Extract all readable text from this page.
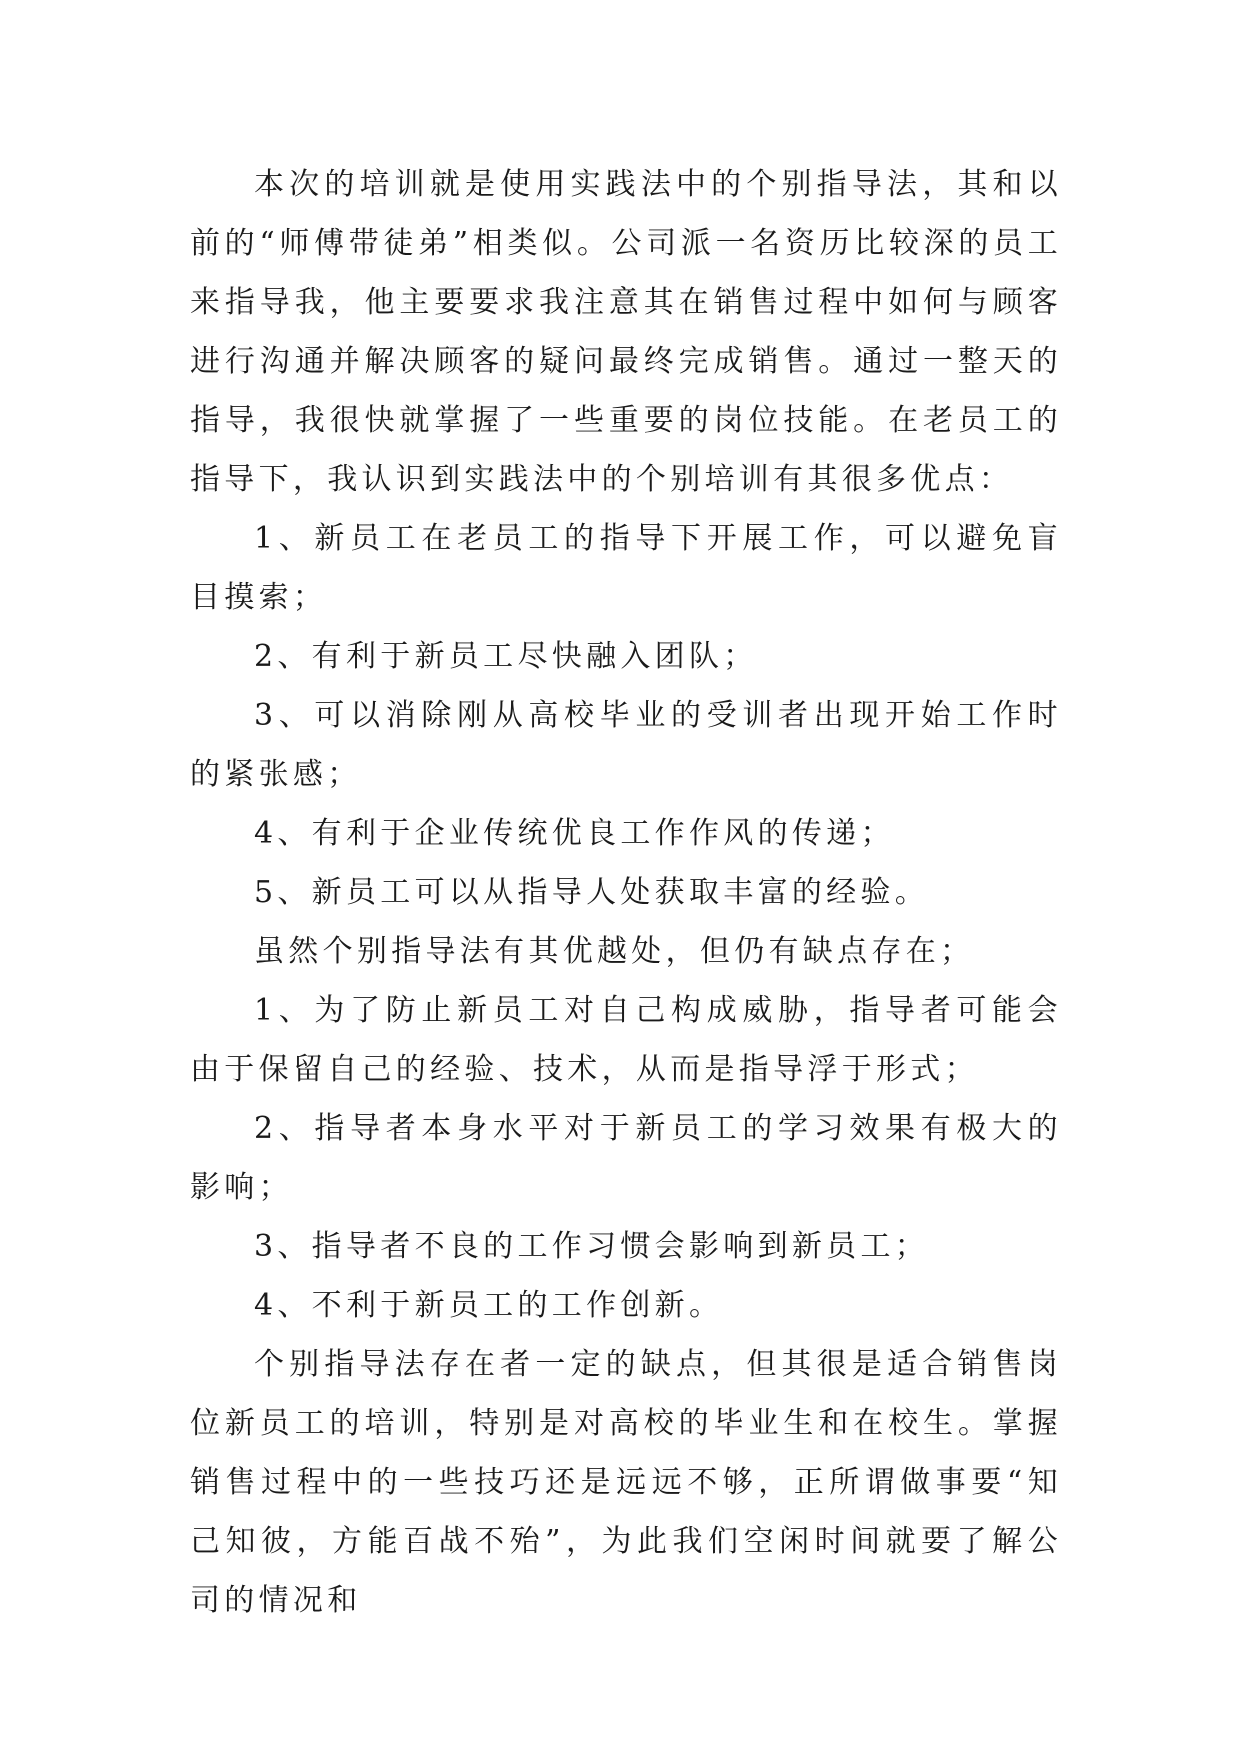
本次的培训就是使用实践法中的个别指导法，其和以前的“师傅带徒弟”相类似。公司派一名资历比较深的员工来指导我，他主要要求我注意其在销售过程中如何与顾客进行沟通并解决顾客的疑问最终完成销售。通过一整天的指导，我很快就掌握了一些重要的岗位技能。在老员工的指导下，我认识到实践法中的个别培训有其很多优点：

1、新员工在老员工的指导下开展工作，可以避免盲目摸索；

2、有利于新员工尽快融入团队；

3、可以消除刚从高校毕业的受训者出现开始工作时的紧张感；

4、有利于企业传统优良工作作风的传递；

5、新员工可以从指导人处获取丰富的经验。

虽然个别指导法有其优越处，但仍有缺点存在；

1、为了防止新员工对自己构成威胁，指导者可能会由于保留自己的经验、技术，从而是指导浮于形式；

2、指导者本身水平对于新员工的学习效果有极大的影响；

3、指导者不良的工作习惯会影响到新员工；

4、不利于新员工的工作创新。

个别指导法存在者一定的缺点，但其很是适合销售岗位新员工的培训，特别是对高校的毕业生和在校生。掌握销售过程中的一些技巧还是远远不够，正所谓做事要“知己知彼，方能百战不殆”，为此我们空闲时间就要了解公司的情况和
